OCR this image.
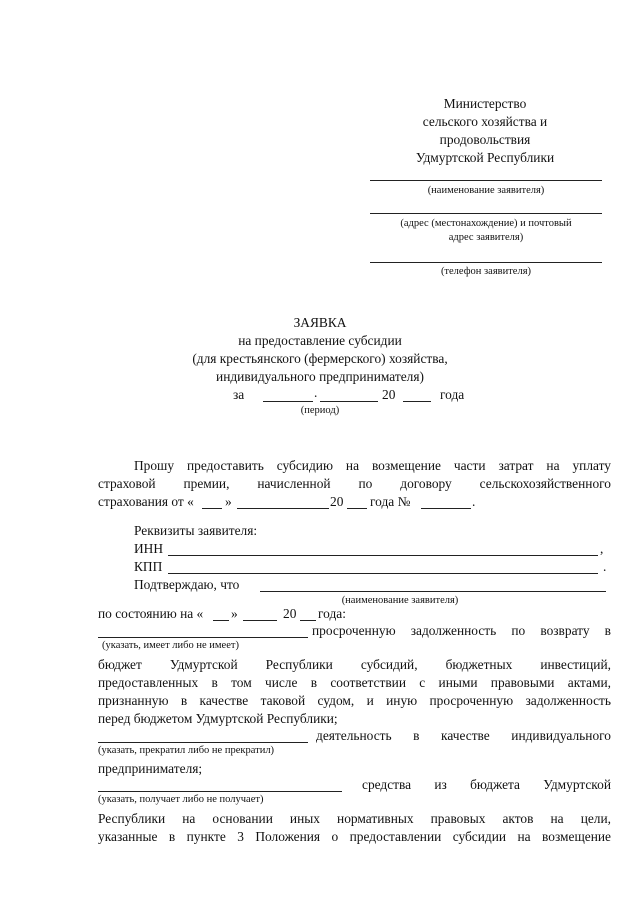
Министерство
сельского хозяйства и
продовольствия
Удмуртской Республики
(наименование заявителя)
(адрес (местонахождение) и почтовый
адрес заявителя)
(телефон заявителя)
ЗАЯВКА
на предоставление субсидии
(для крестьянского (фермерского) хозяйства,
индивидуального предпринимателя)
за	.	20	года
(период)
Прошу предоставить субсидию на возмещение части затрат на уплату
страховой премии, начисленной по договору сельскохозяйственного
страхования от « »	20 года №	.
Реквизиты заявителя:
ИНН	,
КПП	.
Подтверждаю, что
(наименование заявителя)
по состоянию на « »	20 года:
просроченную задолженность по возврату в
(указать, имеет либо не имеет)
бюджет Удмуртской Республики субсидий, бюджетных инвестиций,
предоставленных в том числе в соответствии с иными правовыми актами,
признанную в качестве таковой судом, и иную просроченную задолженность
перед бюджетом Удмуртской Республики;
деятельность в качестве индивидуального
(указать, прекратил либо не прекратил)
предпринимателя;
средства из бюджета Удмуртской
(указать, получает либо не получает)
Республики на основании иных нормативных правовых актов на цели,
указанные в пункте 3 Положения о предоставлении субсидии на возмещение
